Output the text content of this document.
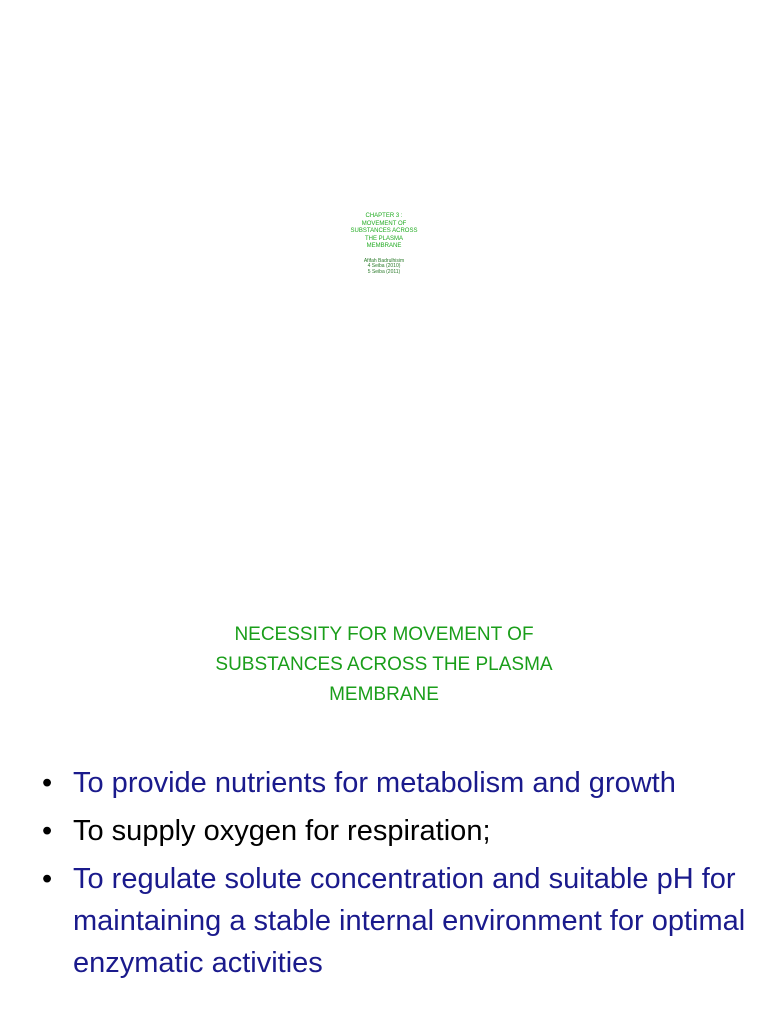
CHAPTER 3 :
MOVEMENT OF
SUBSTANCES ACROSS
THE PLASMA
MEMBRANE
Afifah Badrulhisim
4 Seiba (2010)
5 Seiba (2011)
NECESSITY FOR MOVEMENT OF
SUBSTANCES ACROSS THE PLASMA
MEMBRANE
• To provide nutrients for metabolism and growth
• To supply oxygen for respiration;
• To regulate solute concentration and suitable pH for maintaining a stable internal environment for optimal enzymatic activities
